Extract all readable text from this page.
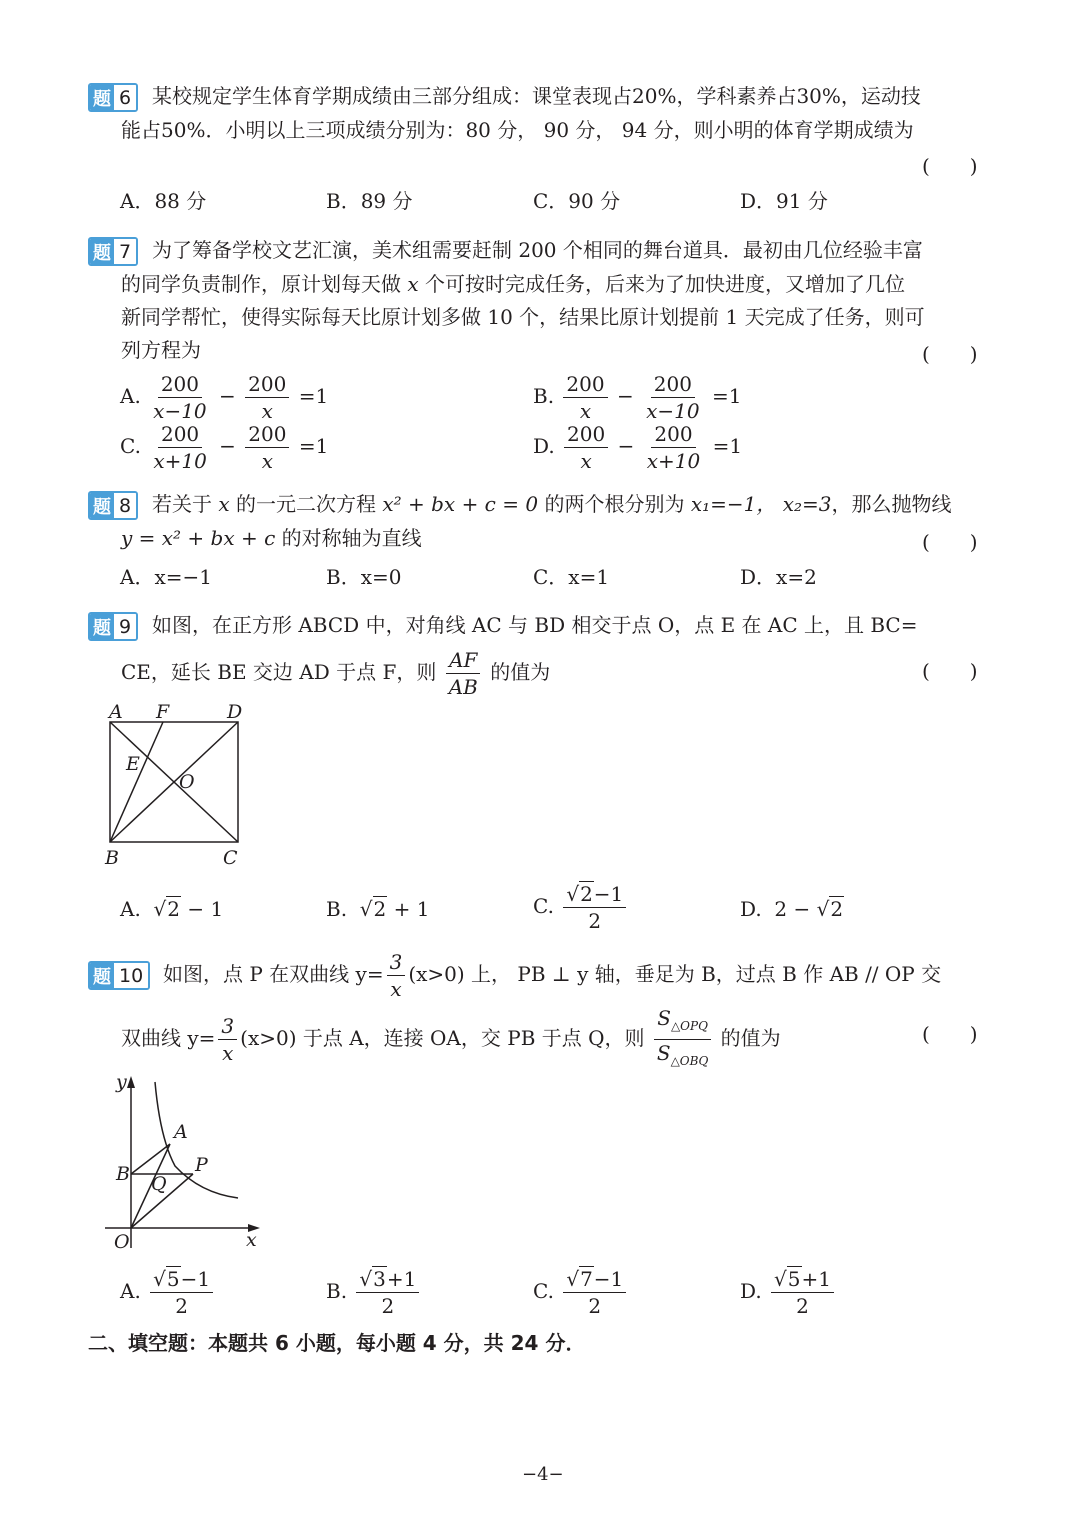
题 6 某校规定学生体育学期成绩由三部分组成：课堂表现占20%，学科素养占30%，运动技
能占50%．小明以上三项成绩分别为：80 分， 90 分， 94 分，则小明的体育学期成绩为
(　　)
A．88 分	B．89 分	C．90 分	D．91 分
题 7 为了筹备学校文艺汇演，美术组需要赶制 200 个相同的舞台道具．最初由几位经验丰富
的同学负责制作，原计划每天做 x 个可按时完成任务，后来为了加快进度，又增加了几位
新同学帮忙，使得实际每天比原计划多做 10 个，结果比原计划提前 1 天完成了任务，则可
列方程为	(　　)
A. $\frac{200}{x-10} - \frac{200}{x} =1$	B. $\frac{200}{x} - \frac{200}{x-10} =1$
C. $\frac{200}{x+10} - \frac{200}{x} =1$	D. $\frac{200}{x} - \frac{200}{x+10} =1$
题 8 若关于 x 的一元二次方程 x² + bx + c = 0 的两个根分别为 x₁=−1， x₂=3，那么抛物线
y = x² + bx + c 的对称轴为直线	(　　)
A．x=−1	B．x=0	C．x=1	D．x=2
题 9 如图，在正方形 ABCD 中，对角线 AC 与 BD 相交于点 O，点 E 在 AC 上，且 BC=
CE，延长 BE 交边 AD 于点 F，则 $\frac{AF}{AB}$ 的值为	(　　)
A F	D
E
O
B	C
A.  √2 − 1	B.  √2 + 1	C. $\frac{√2-1}{2}$	D. 2 − √2
题 10 如图，点 P 在双曲线 $y= \frac{3}{x} (x>0)$ 上， PB ⊥ y 轴，垂足为 B，过点 B 作 AB // OP 交
双曲线 $y= \frac{3}{x} (x>0)$ 于点 A，连接 OA，交 PB 于点 Q，则 $\frac{S_{\triangle OPQ}}{S_{\triangle OBQ}}$ 的值为	(　　)
y
x
O
A
B	P
Q
A. $\frac{√5-1}{2}$	B. $\frac{√3+1}{2}$	C. $\frac{√7-1}{2}$	D. $\frac{√5+1}{2}$
二、填空题：本题共 6 小题，每小题 4 分，共 24 分．
−4−
